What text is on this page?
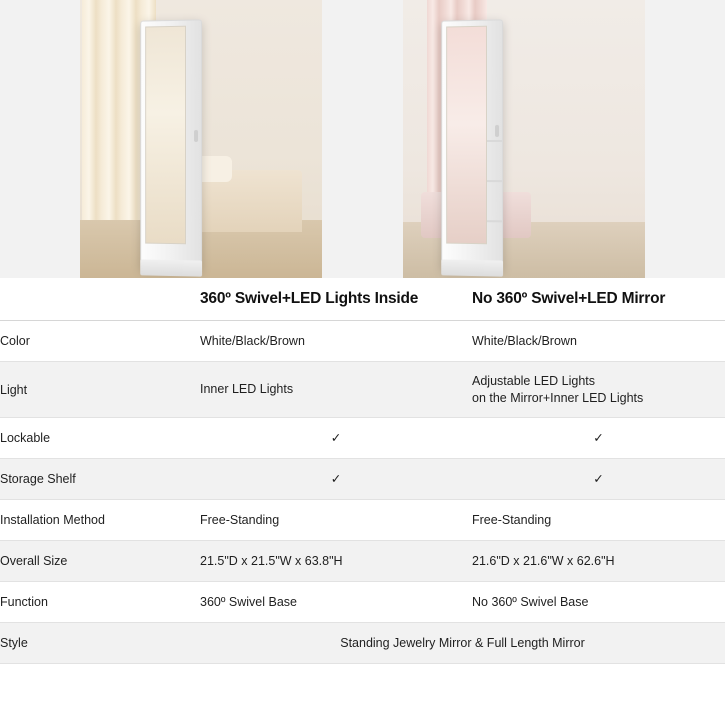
	360º Swivel+LED Lights Inside	No 360º Swivel+LED Mirror
Color	White/Black/Brown	White/Black/Brown
Light	Inner LED Lights	Adjustable LED Lights
on the Mirror+Inner LED Lights

Lockable	✓	✓
Storage Shelf	✓	✓
Installation Method	Free-Standing	Free-Standing
Overall Size	21.5"D x 21.5"W x 63.8"H	21.6"D x 21.6"W x 62.6"H
Function	360º Swivel Base	No 360º Swivel Base
Style	Standing Jewelry Mirror & Full Length Mirror	
